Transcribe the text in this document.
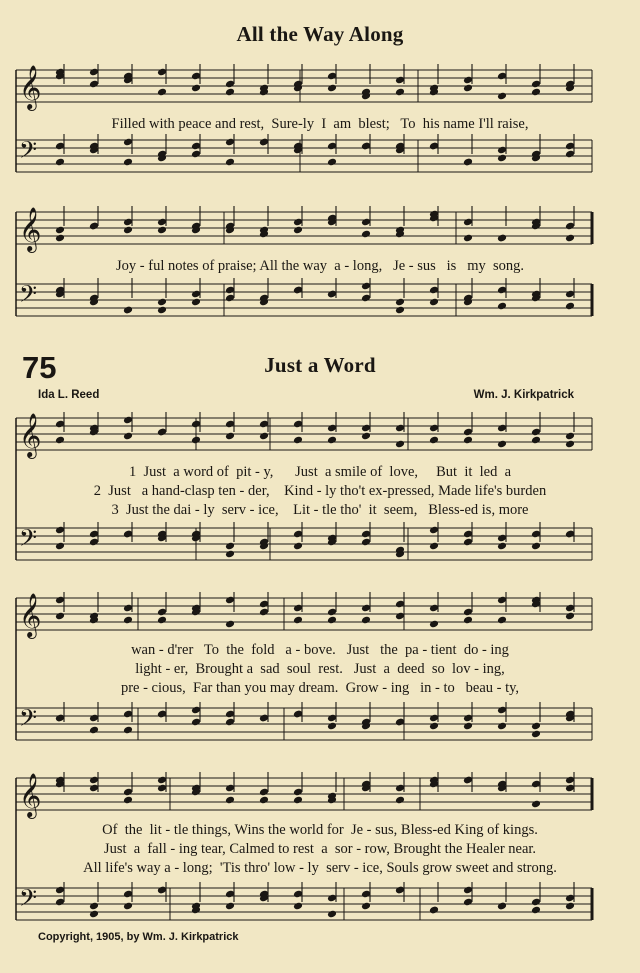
𝄞
𝄢
𝄞
𝄢
𝄞
𝄢
𝄞
𝄢
𝄞
𝄢
All the Way Along
Filled with peace and rest,  Sure-ly  I  am  blest;   To  his name I'll raise,
Joy - ful notes of praise; All the way  a - long,   Je - sus   is   my  song.
75	Just a Word
Ida L. Reed	Wm. J. Kirkpatrick
1  Just  a word of  pit - y,      Just  a smile of  love,     But  it  led  a
2  Just   a hand-clasp ten - der,    Kind - ly tho't ex-pressed, Made life's burden
3  Just the dai - ly  serv - ice,    Lit - tle tho'  it  seem,   Bless-ed is, more
wan - d'rer   To  the  fold   a - bove.   Just   the  pa - tient  do - ing
light - er,  Brought a  sad  soul  rest.   Just  a  deed  so  lov - ing,
pre - cious,  Far than you may dream.  Grow - ing   in - to   beau - ty,
Of  the  lit - tle things, Wins the world for  Je - sus, Bless-ed King of kings.
Just  a  fall - ing tear, Calmed to rest  a  sor - row, Brought the Healer near.
All life's way a - long;  'Tis thro' low - ly  serv - ice, Souls grow sweet and strong.
Copyright, 1905, by Wm. J. Kirkpatrick
